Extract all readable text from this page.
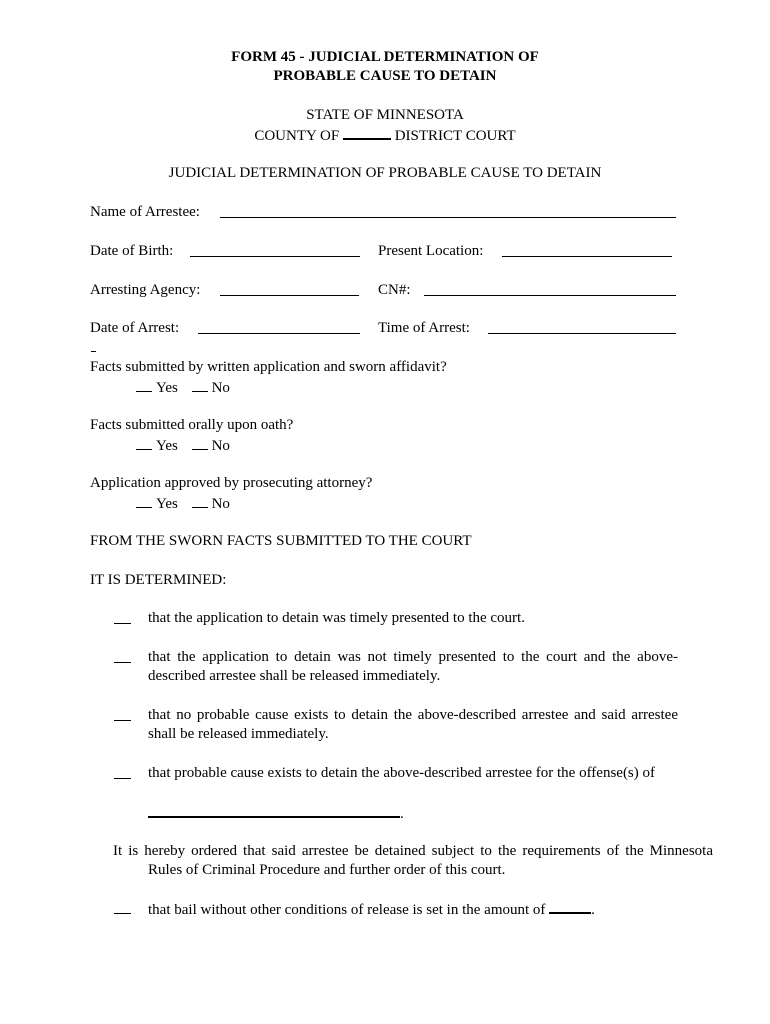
FORM 45 - JUDICIAL DETERMINATION OF
PROBABLE CAUSE TO DETAIN
STATE OF MINNESOTA
COUNTY OF	DISTRICT COURT
JUDICIAL DETERMINATION OF PROBABLE CAUSE TO DETAIN
Name of Arrestee:
Date of Birth:	Present Location:
Arresting Agency:	CN#:
Date of Arrest:	Time of Arrest:
Facts submitted by written application and sworn affidavit?
Yes No
Facts submitted orally upon oath?
Yes No
Application approved by prosecuting attorney?
Yes No
FROM THE SWORN FACTS SUBMITTED TO THE COURT
IT IS DETERMINED:
that the application to detain was timely presented to the court.
that the application to detain was not timely presented to the court and the above-described arrestee shall be released immediately.
that no probable cause exists to detain the above-described arrestee and said arrestee shall be released immediately.
that probable cause exists to detain the above-described arrestee for the offense(s) of
.
It is hereby ordered that said arrestee be detained subject to the requirements of the Minnesota Rules of Criminal Procedure and further order of this court.
that bail without other conditions of release is set in the amount of	.
